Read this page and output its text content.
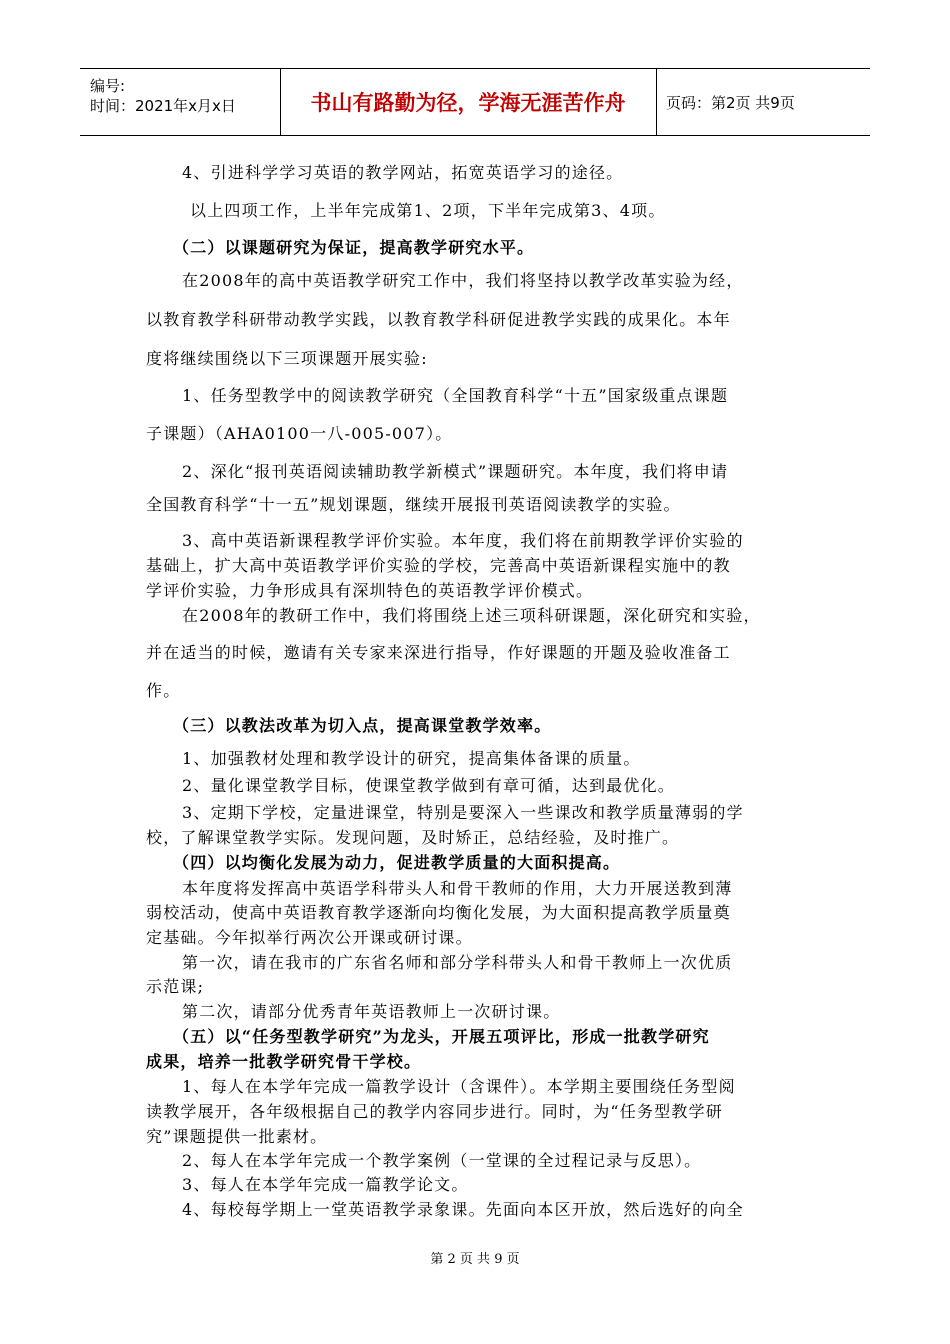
编号:
时间：2021年x月x日	书山有路勤为径，学海无涯苦作舟	页码：第2页 共9页
4、引进科学学习英语的教学网站，拓宽英语学习的途径。
以上四项工作，上半年完成第1、2项，下半年完成第3、4项。
（二）以课题研究为保证，提高教学研究水平。
在2008年的高中英语教学研究工作中，我们将坚持以教学改革实验为经，
以教育教学科研带动教学实践，以教育教学科研促进教学实践的成果化。本年
度将继续围绕以下三项课题开展实验:
1、任务型教学中的阅读教学研究（全国教育科学“十五”国家级重点课题
子课题）（AHA0100一八-005-007）。
2、深化“报刊英语阅读辅助教学新模式”课题研究。本年度，我们将申请
全国教育科学“十一五”规划课题，继续开展报刊英语阅读教学的实验。
3、高中英语新课程教学评价实验。本年度，我们将在前期教学评价实验的
基础上，扩大高中英语教学评价实验的学校，完善高中英语新课程实施中的教
学评价实验，力争形成具有深圳特色的英语教学评价模式。
在2008年的教研工作中，我们将围绕上述三项科研课题，深化研究和实验，
并在适当的时候，邀请有关专家来深进行指导，作好课题的开题及验收准备工
作。
（三）以教法改革为切入点，提高课堂教学效率。
1、加强教材处理和教学设计的研究，提高集体备课的质量。
2、量化课堂教学目标，使课堂教学做到有章可循，达到最优化。
3、定期下学校，定量进课堂，特别是要深入一些课改和教学质量薄弱的学
校，了解课堂教学实际。发现问题，及时矫正，总结经验，及时推广。
（四）以均衡化发展为动力，促进教学质量的大面积提高。
本年度将发挥高中英语学科带头人和骨干教师的作用，大力开展送教到薄
弱校活动，使高中英语教育教学逐渐向均衡化发展，为大面积提高教学质量奠
定基础。今年拟举行两次公开课或研讨课。
第一次，请在我市的广东省名师和部分学科带头人和骨干教师上一次优质
示范课;
第二次，请部分优秀青年英语教师上一次研讨课。
（五）以“任务型教学研究”为龙头，开展五项评比，形成一批教学研究
成果，培养一批教学研究骨干学校。
1、每人在本学年完成一篇教学设计（含课件）。本学期主要围绕任务型阅
读教学展开，各年级根据自己的教学内容同步进行。同时，为“任务型教学研
究”课题提供一批素材。
2、每人在本学年完成一个教学案例（一堂课的全过程记录与反思）。
3、每人在本学年完成一篇教学论文。
4、每校每学期上一堂英语教学录象课。先面向本区开放，然后选好的向全
第 2 页 共 9 页
